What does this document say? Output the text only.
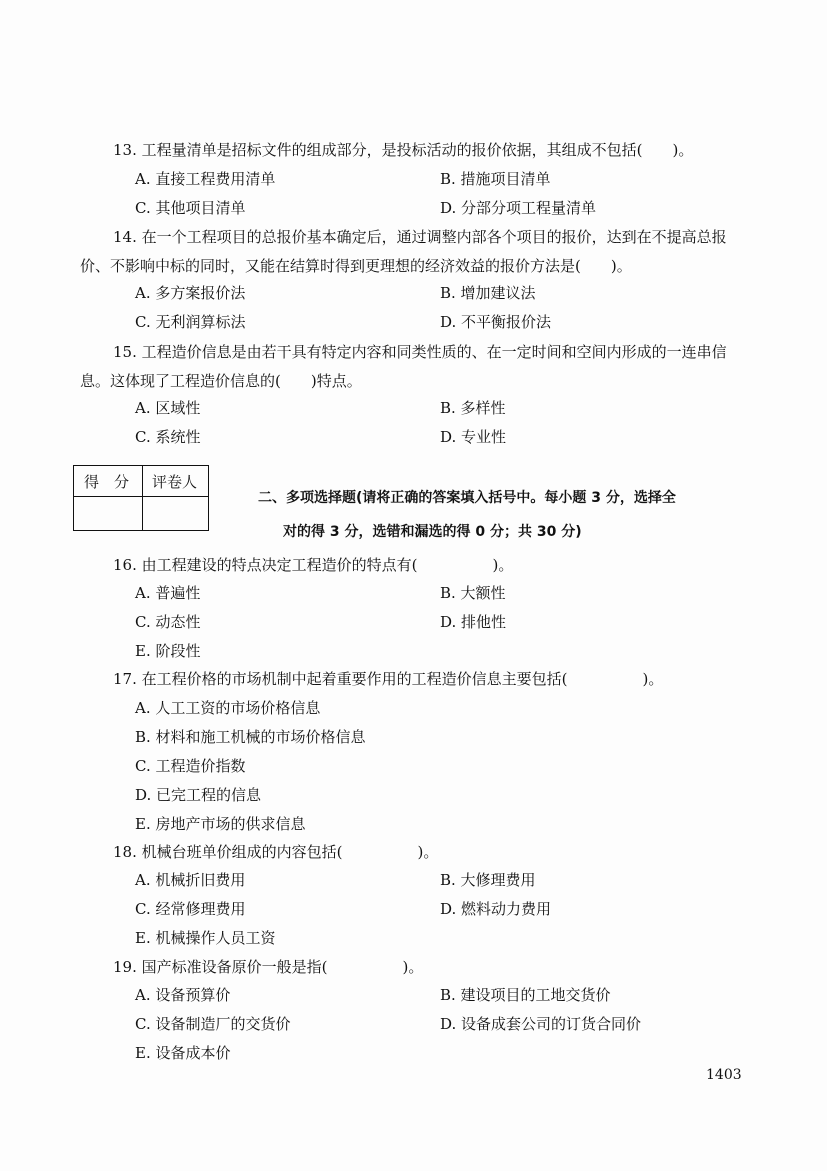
13. 工程量清单是招标文件的组成部分，是投标活动的报价依据，其组成不包括(　　)。
A. 直接工程费用清单	B. 措施项目清单
C. 其他项目清单	D. 分部分项工程量清单
14. 在一个工程项目的总报价基本确定后，通过调整内部各个项目的报价，达到在不提高总报价、不影响中标的同时，又能在结算时得到更理想的经济效益的报价方法是(　　)。
A. 多方案报价法	B. 增加建议法
C. 无利润算标法	D. 不平衡报价法
15. 工程造价信息是由若干具有特定内容和同类性质的、在一定时间和空间内形成的一连串信息。这体现了工程造价信息的(　　)特点。
A. 区域性	B. 多样性
C. 系统性	D. 专业性
得　分 评卷人
二、多项选择题(请将正确的答案填入括号中。每小题 3 分，选择全
对的得 3 分，选错和漏选的得 0 分；共 30 分)
16. 由工程建设的特点决定工程造价的特点有(　　　　　)。
A. 普遍性	B. 大额性
C. 动态性	D. 排他性
E. 阶段性
17. 在工程价格的市场机制中起着重要作用的工程造价信息主要包括(　　　　　)。
A. 人工工资的市场价格信息
B. 材料和施工机械的市场价格信息
C. 工程造价指数
D. 已完工程的信息
E. 房地产市场的供求信息
18. 机械台班单价组成的内容包括(　　　　　)。
A. 机械折旧费用	B. 大修理费用
C. 经常修理费用	D. 燃料动力费用
E. 机械操作人员工资
19. 国产标准设备原价一般是指(　　　　　)。
A. 设备预算价	B. 建设项目的工地交货价
C. 设备制造厂的交货价	D. 设备成套公司的订货合同价
E. 设备成本价
1403
